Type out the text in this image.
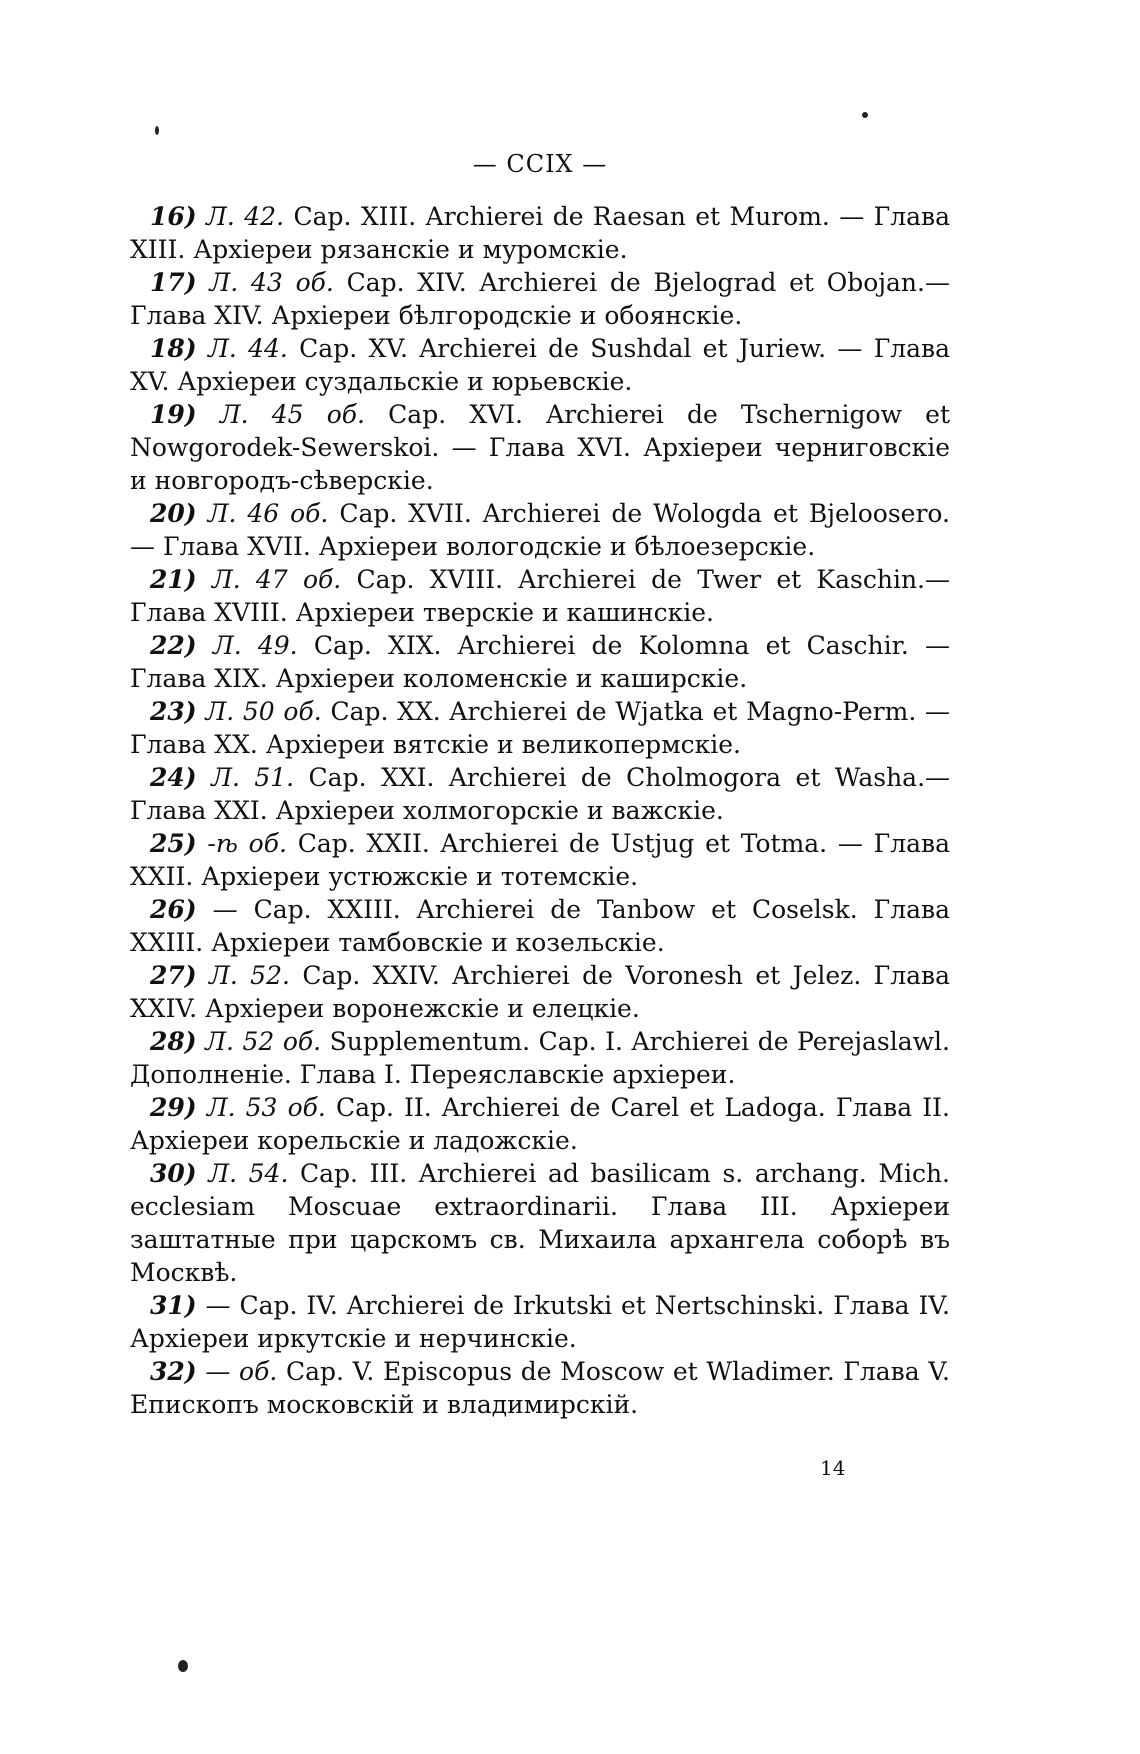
— CCIX —

16) Л. 42. Cap. XIII. Archierei de Raesan et Murom. — Глава XIII. Архіереи рязанскіе и муромскіе.

17) Л. 43 об. Cap. XIV. Archierei de Bjelograd et Obojan.— Глава XIV. Архіереи бѣлгородскіе и обоянскіе.

18) Л. 44. Cap. XV. Archierei de Sushdal et Juriew. — Глава XV. Архіереи суздальскіе и юрьевскіе.

19) Л. 45 об. Cap. XVI. Archierei de Tschernigow et Nowgorodek-Sewerskoi. — Глава XVI. Архіереи черниговскіе и новгородъ-сѣверскіе.

20) Л. 46 об. Cap. XVII. Archierei de Wologda et Bjeloosero. — Глава XVII. Архіереи вологодскіе и бѣлоезерскіе.

21) Л. 47 об. Cap. XVIII. Archierei de Twer et Kaschin.— Глава XVIII. Архіереи тверскіе и кашинскіе.

22) Л. 49. Cap. XIX. Archierei de Kolomna et Caschir. — Глава XIX. Архіереи коломенскіе и каширскіе.

23) Л. 50 об. Cap. XX. Archierei de Wjatka et Magno-Perm. — Глава XX. Архіереи вятскіе и великопермскіе.

24) Л. 51. Cap. XXI. Archierei de Cholmogora et Washa.— Глава XXI. Архіереи холмогорскіе и важскіе.

25) -ѣ об. Cap. XXII. Archierei de Ustjug et Totma. — Глава XXII. Архіереи устюжскіе и тотемскіе.

26) — Cap. XXIII. Archierei de Tanbow et Coselsk. Глава XXIII. Архіереи тамбовскіе и козельскіе.

27) Л. 52. Cap. XXIV. Archierei de Voronesh et Jelez. Глава XXIV. Архіереи воронежскіе и елецкіе.

28) Л. 52 об. Supplementum. Cap. I. Archierei de Perejaslawl. Дополненіе. Глава I. Переяславскіе архіереи.

29) Л. 53 об. Cap. II. Archierei de Carel et Ladoga. Глава II. Архіереи корельскіе и ладожскіе.

30) Л. 54. Cap. III. Archierei ad basilicam s. archang. Mich. ecclesiam Moscuae extraordinarii. Глава III. Архіереи заштатные при царскомъ св. Михаила архангела соборѣ въ Москвѣ.

31) — Cap. IV. Archierei de Irkutski et Nertschinski. Глава IV. Архіереи иркутскіе и нерчинскіе.

32) — об. Cap. V. Episcopus de Moscow et Wladimer. Глава V. Епископъ московскій и владимирскій.

14
